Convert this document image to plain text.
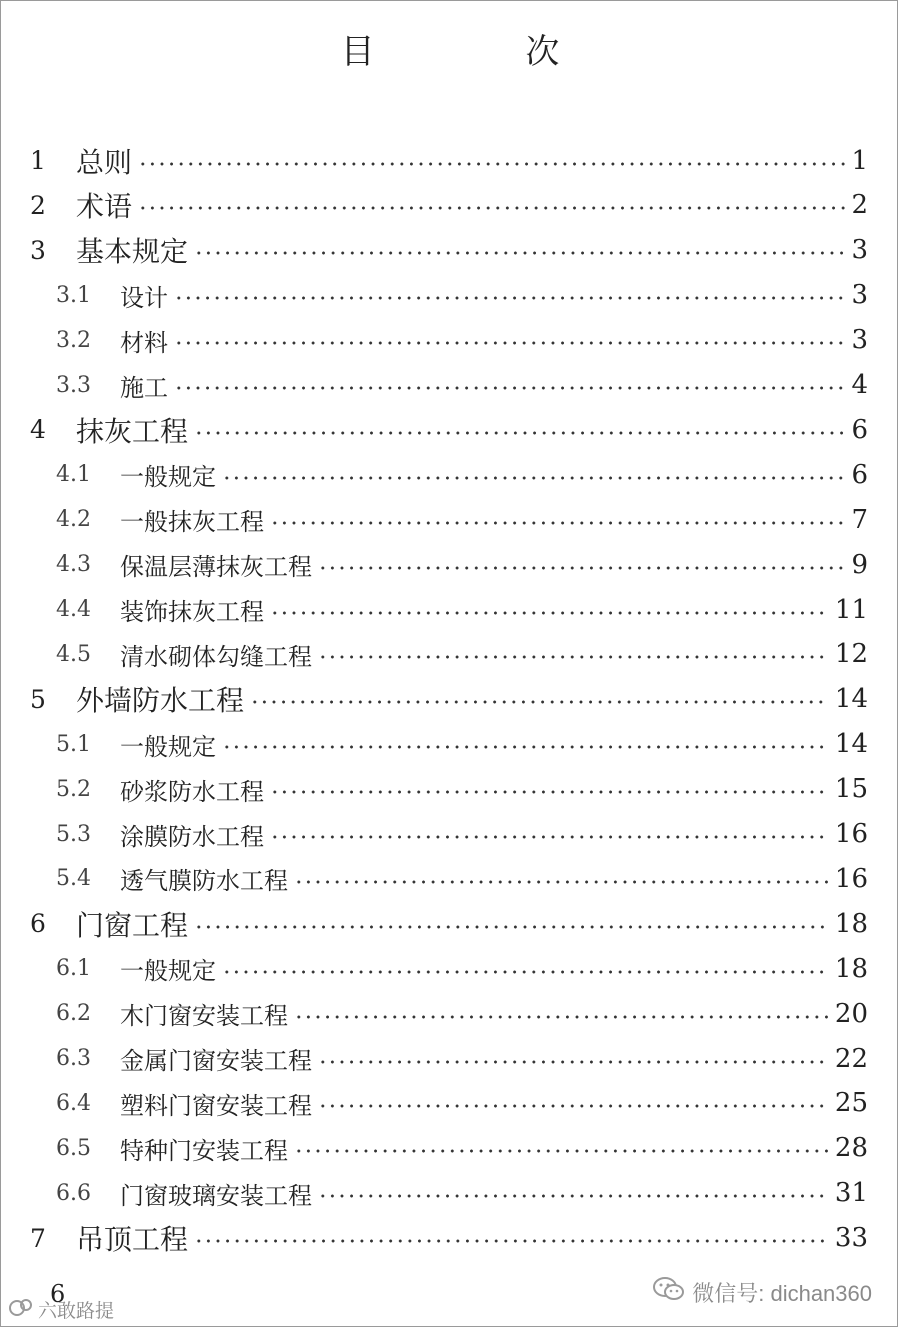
目 次
1	总则	1
2	术语	2
3	基本规定	3
3.1	设计	3
3.2	材料	3
3.3	施工	4
4	抹灰工程	6
4.1	一般规定	6
4.2	一般抹灰工程	7
4.3	保温层薄抹灰工程	9
4.4	装饰抹灰工程	11
4.5	清水砌体勾缝工程	12
5	外墙防水工程	14
5.1	一般规定	14
5.2	砂浆防水工程	15
5.3	涂膜防水工程	16
5.4	透气膜防水工程	16
6	门窗工程	18
6.1	一般规定	18
6.2	木门窗安装工程	20
6.3	金属门窗安装工程	22
6.4	塑料门窗安装工程	25
6.5	特种门安装工程	28
6.6	门窗玻璃安装工程	31
7	吊顶工程	33
6
六敢路提
微信号: dichan360
